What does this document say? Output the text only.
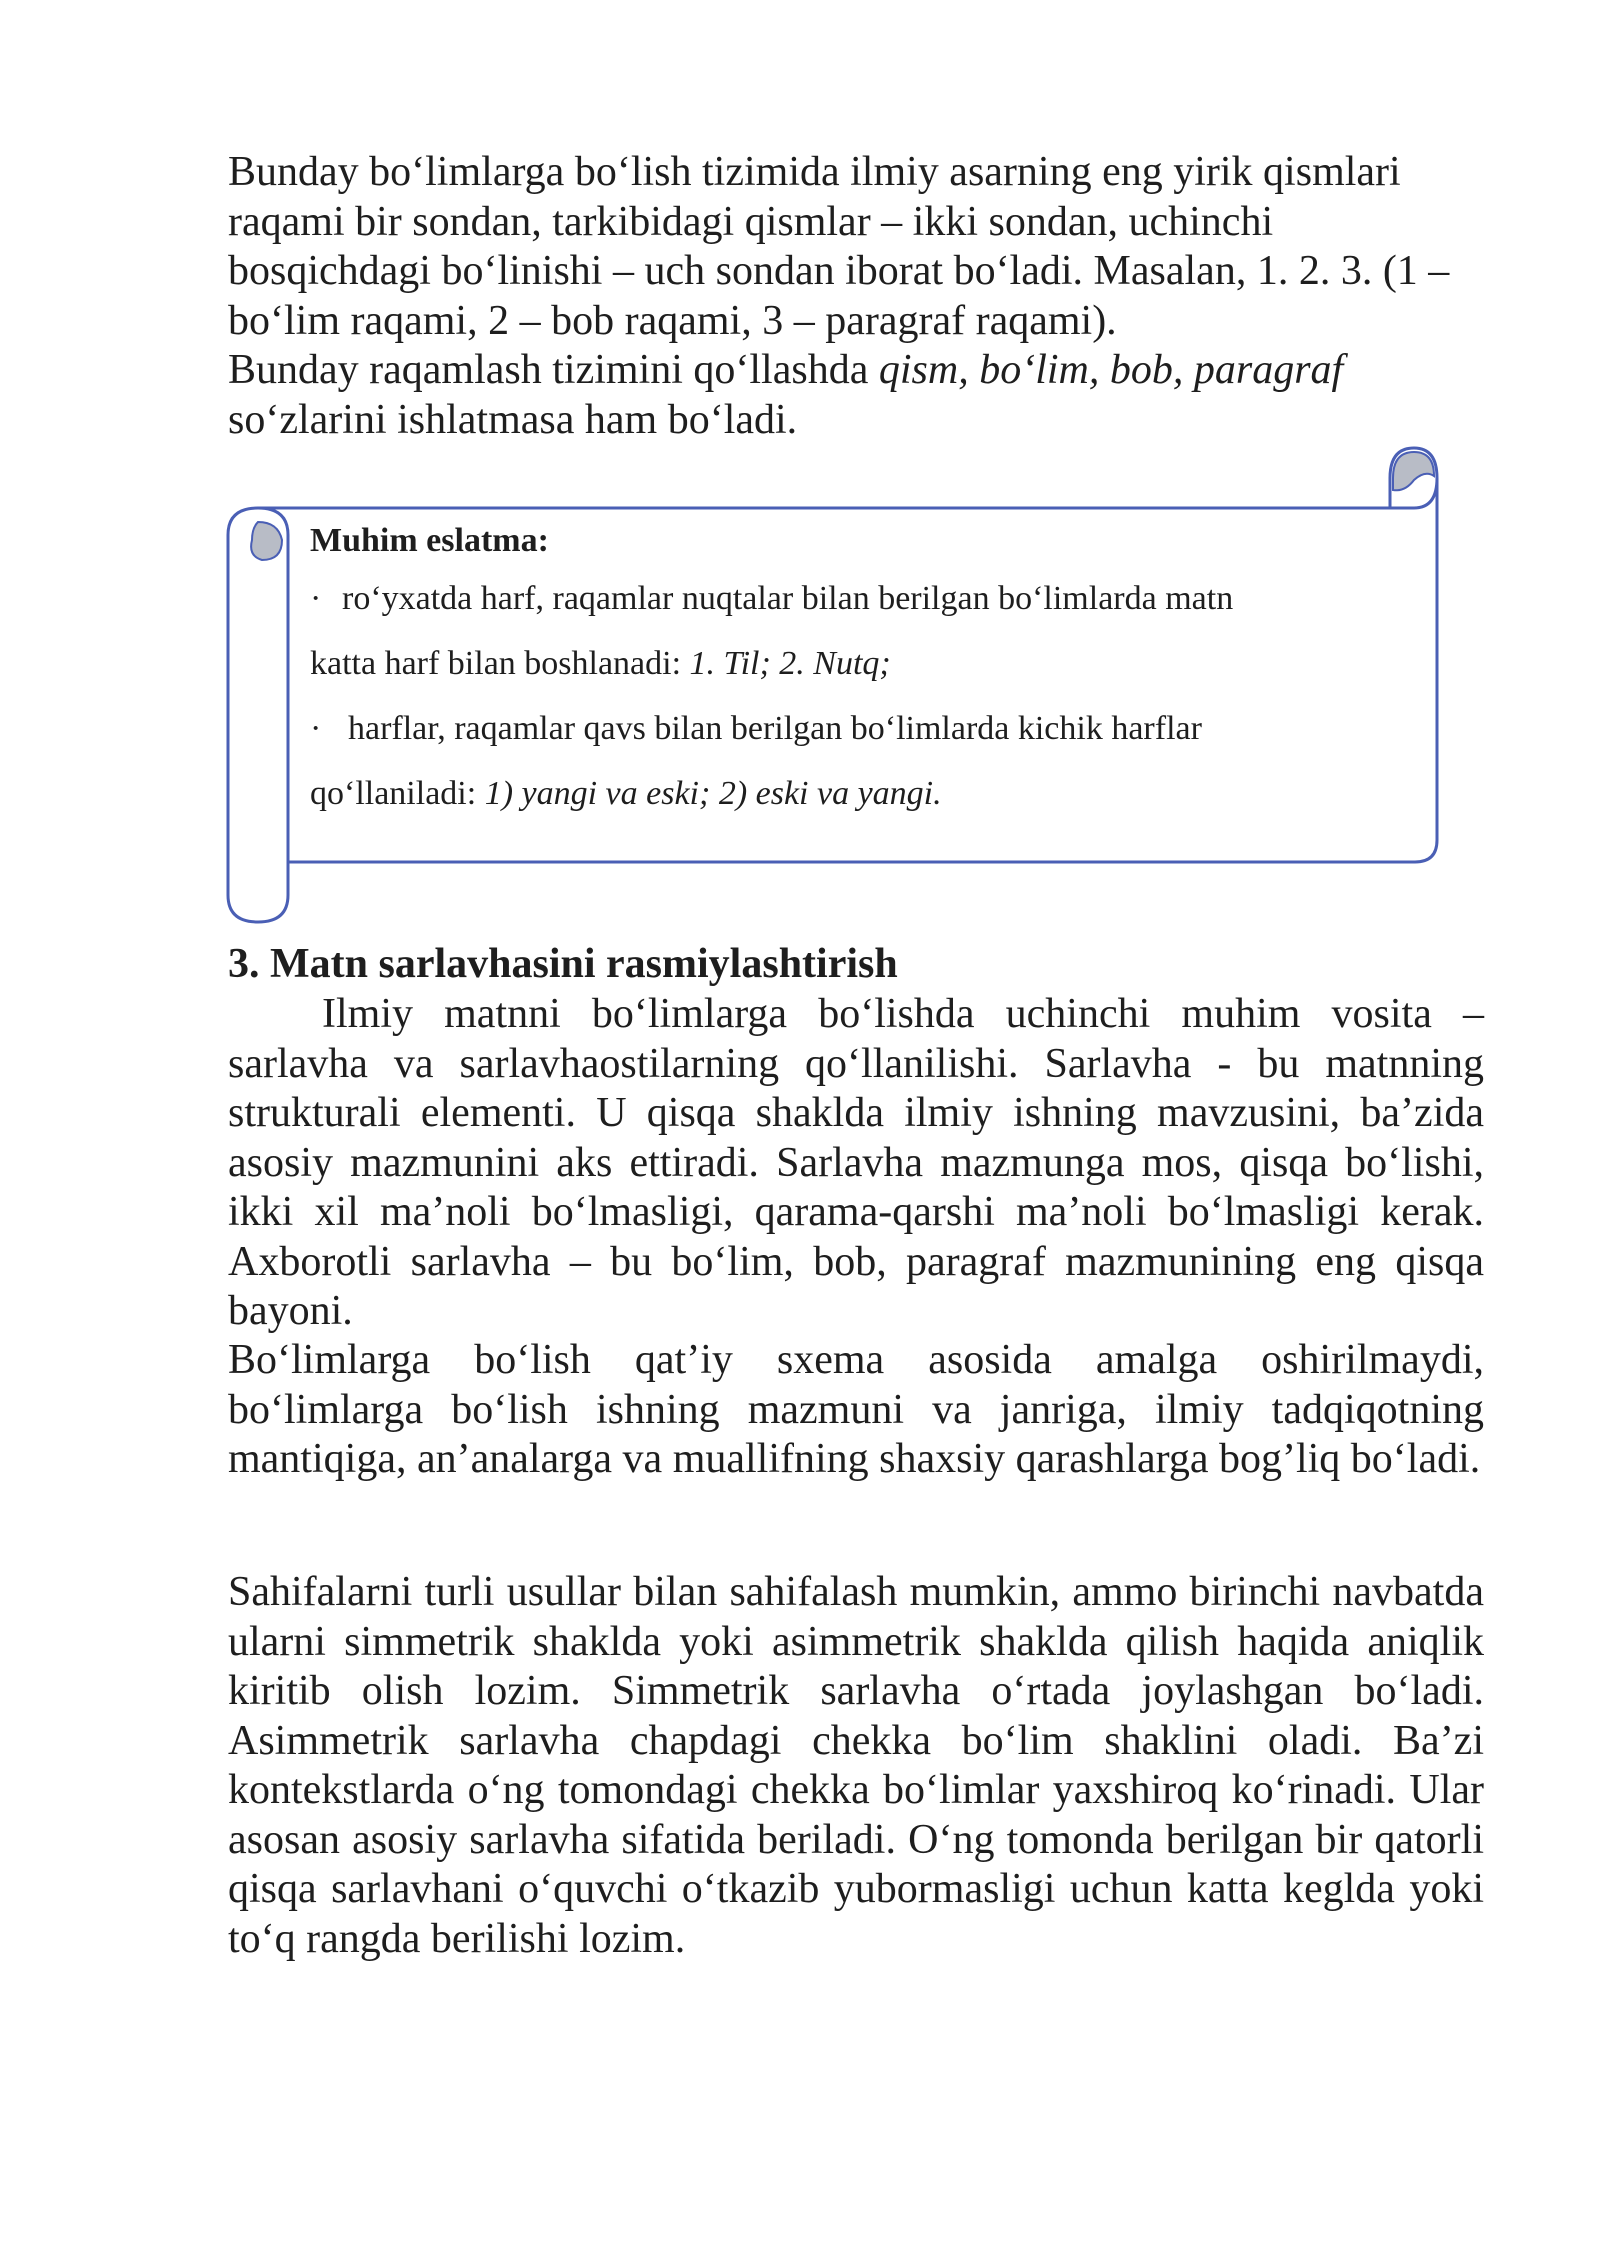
Bunday bo‘limlarga bo‘lish tizimida ilmiy asarning eng yirik qismlari raqami bir sondan, tarkibidagi qismlar – ikki sondan, uchinchi bosqichdagi bo‘linishi – uch sondan iborat bo‘ladi. Masalan, 1. 2. 3. (1 – bo‘lim raqami, 2 – bob raqami, 3 – paragraf raqami).

Bunday raqamlash tizimini qo‘llashda qism, bo‘lim, bob, paragraf
so‘zlarini ishlatmasa ham bo‘ladi.

Muhim eslatma:

· ro‘yxatda harf, raqamlar nuqtalar bilan berilgan bo‘limlarda matn

katta harf bilan boshlanadi: 1. Til; 2. Nutq;

· harflar, raqamlar qavs bilan berilgan bo‘limlarda kichik harflar

qo‘llaniladi: 1) yangi va eski; 2) eski va yangi.

3. Matn sarlavhasini rasmiylashtirish

Ilmiy matnni bo‘limlarga bo‘lishda uchinchi muhim vosita – sarlavha va sarlavhaostilarning qo‘llanilishi. Sarlavha - bu matnning strukturali elementi. U qisqa shaklda ilmiy ishning mavzusini, ba’zida asosiy mazmunini aks ettiradi. Sarlavha mazmunga mos, qisqa bo‘lishi, ikki xil ma’noli bo‘lmasligi, qarama-qarshi ma’noli bo‘lmasligi kerak. Axborotli sarlavha – bu bo‘lim, bob, paragraf mazmunining eng qisqa bayoni.

Bo‘limlarga bo‘lish qat’iy sxema asosida amalga oshirilmaydi, bo‘limlarga bo‘lish ishning mazmuni va janriga, ilmiy tadqiqotning mantiqiga, an’analarga va muallifning shaxsiy qarashlarga bog’liq bo‘ladi.

Sahifalarni turli usullar bilan sahifalash mumkin, ammo birinchi navbatda ularni simmetrik shaklda yoki asimmetrik shaklda qilish haqida aniqlik kiritib olish lozim. Simmetrik sarlavha o‘rtada joylashgan bo‘ladi. Asimmetrik sarlavha chapdagi chekka bo‘lim shaklini oladi. Ba’zi kontekstlarda o‘ng tomondagi chekka bo‘limlar yaxshiroq ko‘rinadi. Ular asosan asosiy sarlavha sifatida beriladi. O‘ng tomonda berilgan bir qatorli qisqa sarlavhani o‘quvchi o‘tkazib yubormasligi uchun katta kegldа yoki to‘q rangda berilishi lozim.
